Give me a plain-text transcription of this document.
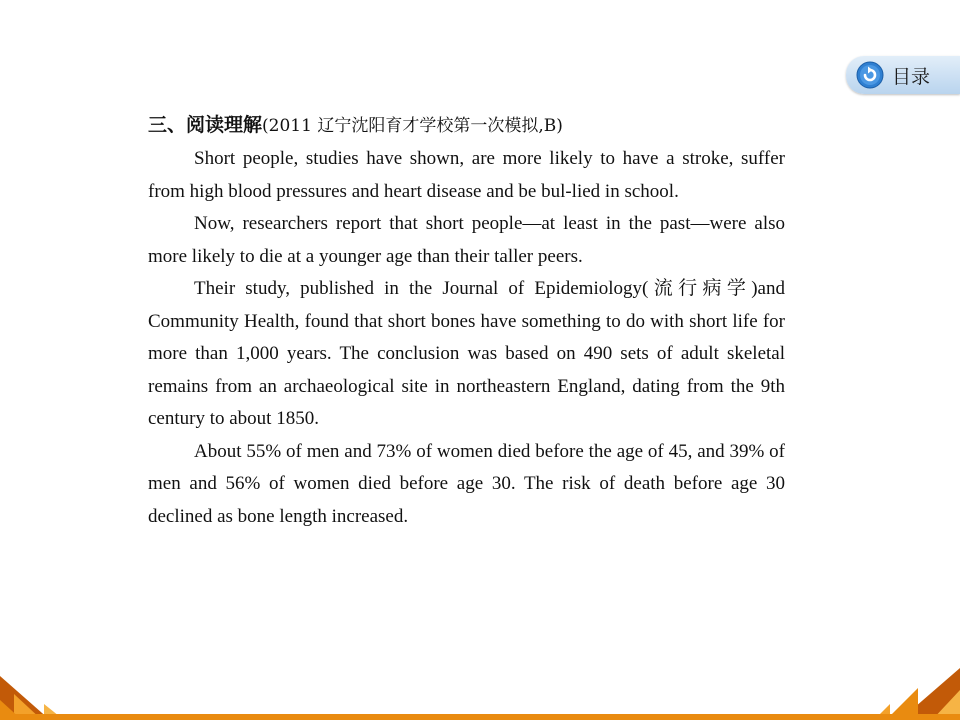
目录

三、阅读理解(2011 辽宁沈阳育才学校第一次模拟,B)

Short people, studies have shown, are more likely to have a stroke, suffer from high blood pressures and heart disease and be bul-lied in school.

Now, researchers report that short people—at least in the past—were also more likely to die at a younger age than their taller peers.

Their study, published in the Journal of Epidemiology(流行病学)and Community Health, found that short bones have something to do with short life for more than 1,000 years. The conclusion was based on 490 sets of adult skeletal remains from an archaeological site in northeastern England, dating from the 9th century to about 1850.

About 55% of men and 73% of women died before the age of 45, and 39% of men and 56% of women died before age 30. The risk of death before age 30 declined as bone length increased.
